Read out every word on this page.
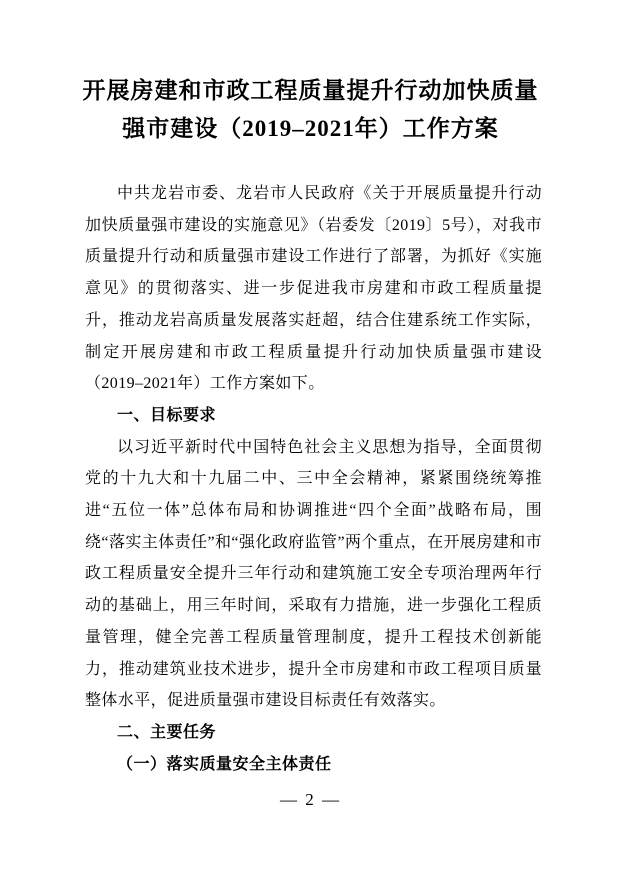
开展房建和市政工程质量提升行动加快质量
强市建设（2019–2021年）工作方案

中共龙岩市委、龙岩市人民政府《关于开展质量提升行动加快质量强市建设的实施意见》（岩委发〔2019〕5号），对我市质量提升行动和质量强市建设工作进行了部署，为抓好《实施意见》的贯彻落实、进一步促进我市房建和市政工程质量提升，推动龙岩高质量发展落实赶超，结合住建系统工作实际，制定开展房建和市政工程质量提升行动加快质量强市建设（2019–2021年）工作方案如下。

一、目标要求

以习近平新时代中国特色社会主义思想为指导，全面贯彻党的十九大和十九届二中、三中全会精神，紧紧围绕统筹推进“五位一体”总体布局和协调推进“四个全面”战略布局，围绕“落实主体责任”和“强化政府监管”两个重点，在开展房建和市政工程质量安全提升三年行动和建筑施工安全专项治理两年行动的基础上，用三年时间，采取有力措施，进一步强化工程质量管理，健全完善工程质量管理制度，提升工程技术创新能力，推动建筑业技术进步，提升全市房建和市政工程项目质量整体水平，促进质量强市建设目标责任有效落实。

二、主要任务

（一）落实质量安全主体责任

— 2 —
